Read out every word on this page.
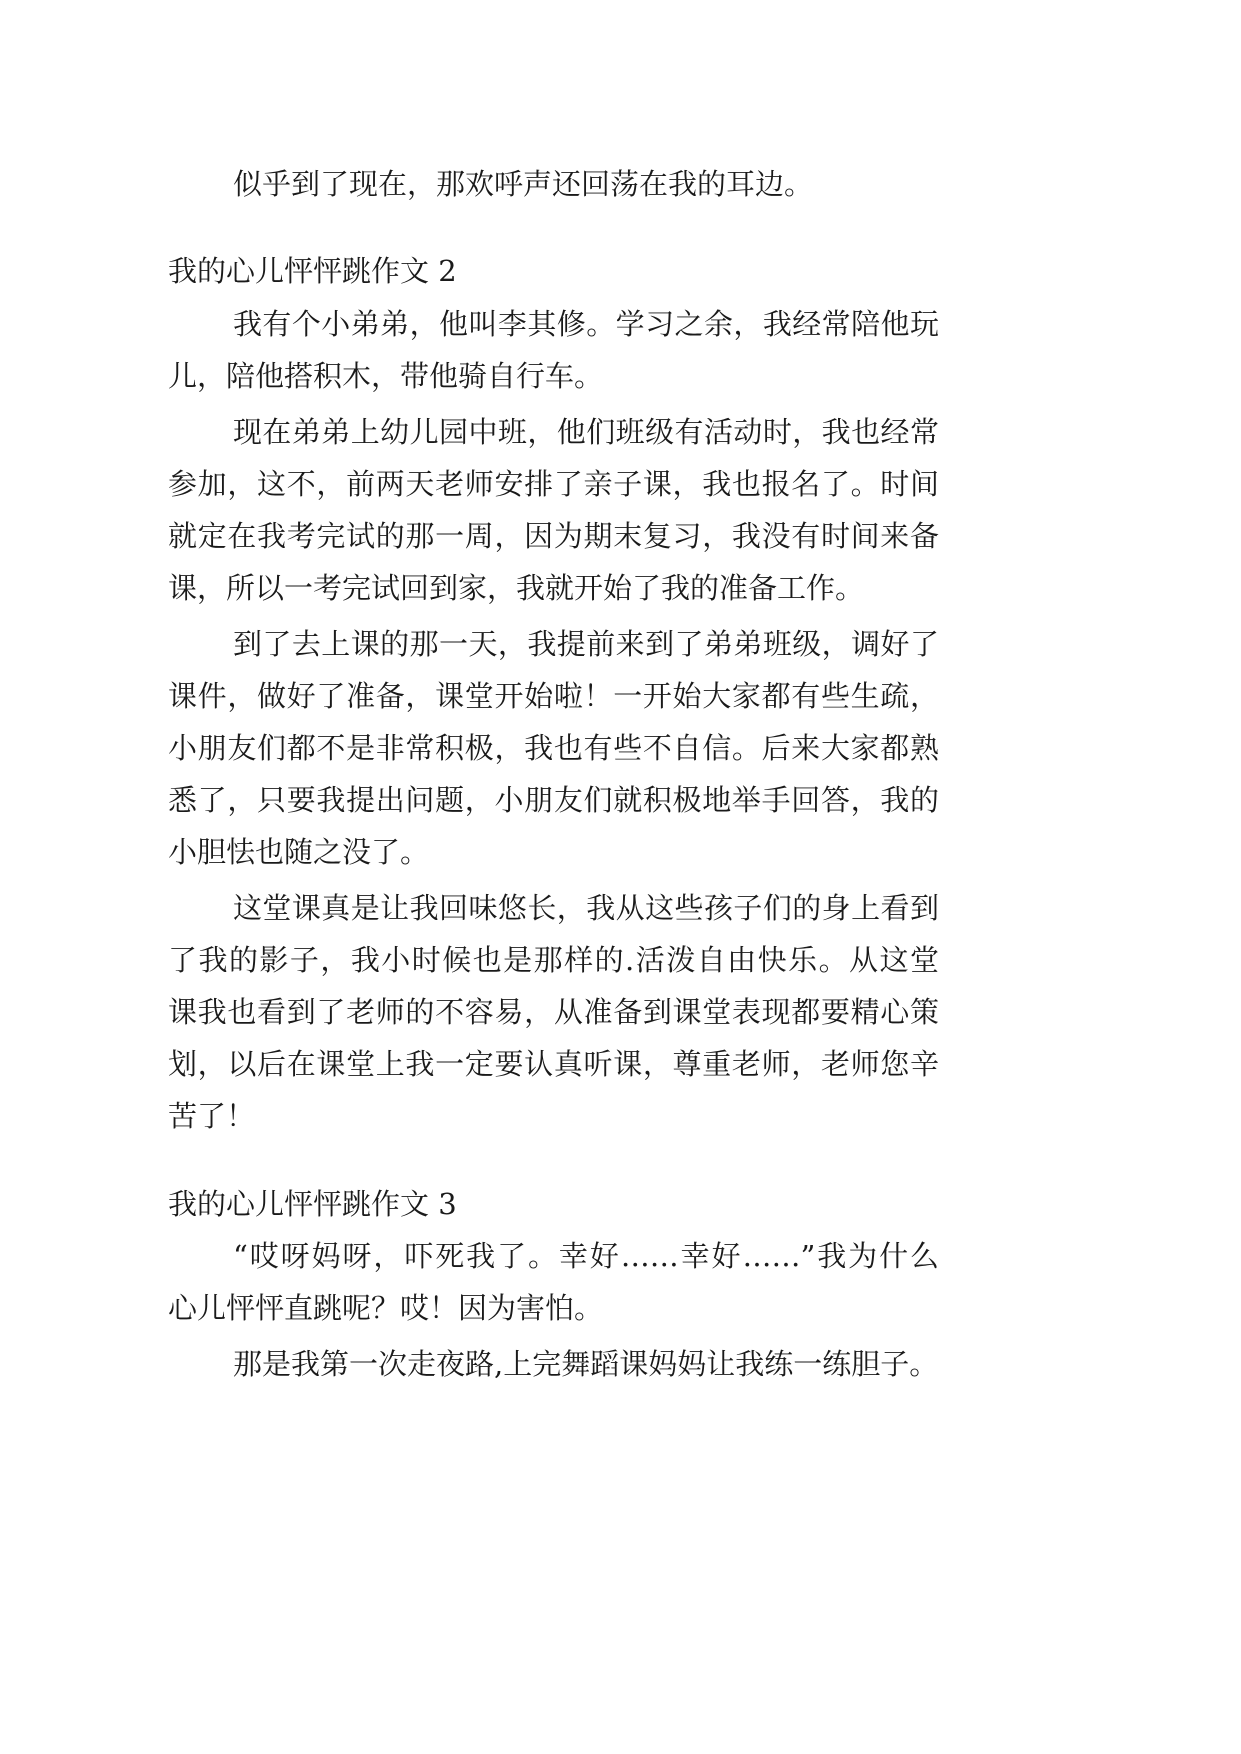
似乎到了现在，那欢呼声还回荡在我的耳边。
我的心儿怦怦跳作文 2
我有个小弟弟，他叫李其修。学习之余，我经常陪他玩
儿，陪他搭积木，带他骑自行车。
现在弟弟上幼儿园中班，他们班级有活动时，我也经常
参加，这不，前两天老师安排了亲子课，我也报名了。时间
就定在我考完试的那一周，因为期末复习，我没有时间来备
课，所以一考完试回到家，我就开始了我的准备工作。
到了去上课的那一天，我提前来到了弟弟班级，调好了
课件，做好了准备，课堂开始啦！一开始大家都有些生疏，
小朋友们都不是非常积极，我也有些不自信。后来大家都熟
悉了，只要我提出问题，小朋友们就积极地举手回答，我的
小胆怯也随之没了。
这堂课真是让我回味悠长，我从这些孩子们的身上看到
了我的影子，我小时候也是那样的.活泼自由快乐。从这堂
课我也看到了老师的不容易，从准备到课堂表现都要精心策
划，以后在课堂上我一定要认真听课，尊重老师，老师您辛
苦了！
我的心儿怦怦跳作文 3
“哎呀妈呀，吓死我了。幸好……幸好……”我为什么
心儿怦怦直跳呢？哎！因为害怕。
那是我第一次走夜路,上完舞蹈课妈妈让我练一练胆子。
